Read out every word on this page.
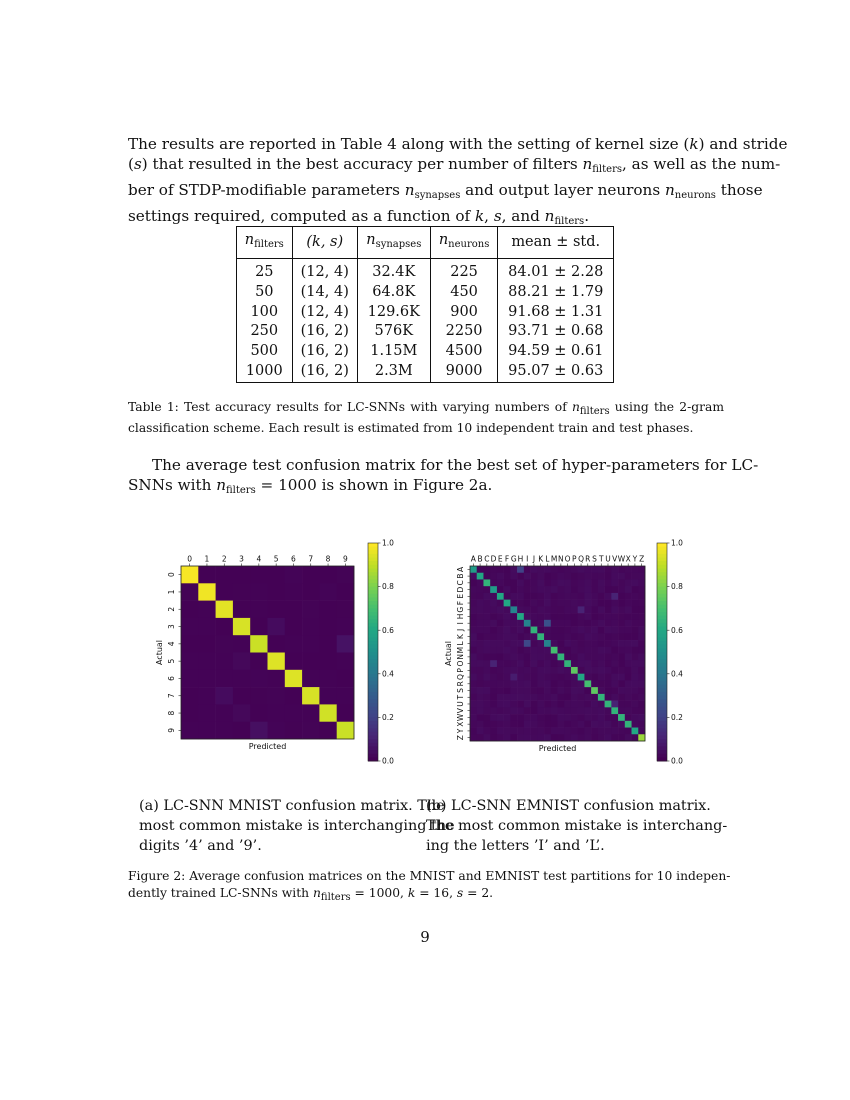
The results are reported in Table 4 along with the setting of kernel size (k) and stride
(s) that resulted in the best accuracy per number of filters $n_{filters}$, as well as the num-
ber of STDP-modifiable parameters $n_{synapses}$ and output layer neurons $n_{neurons}$ those
settings required, computed as a function of k, s, and $n_{filters}$.
$n_{filters}$	(k, s)	$n_{synapses}$	$n_{neurons}$	mean ± std.
25	(12, 4)	32.4K	225	84.01 ± 2.28
50	(14, 4)	64.8K	450	88.21 ± 1.79
100	(12, 4)	129.6K	900	91.68 ± 1.31
250	(16, 2)	576K	2250	93.71 ± 0.68
500	(16, 2)	1.15M	4500	94.59 ± 0.61
1000	(16, 2)	2.3M	9000	95.07 ± 0.63
Table 1: Test accuracy results for LC-SNNs with varying numbers of $n_{filters}$ using the 2-gram
classification scheme. Each result is estimated from 10 independent train and test phases.
The average test confusion matrix for the best set of hyper-parameters for LC-
SNNs with $n_{filters} = 1000$ is shown in Figure 2a.
0 1 2 3 4 5 6 7 8 9
0
1
2
3
4
5
6
7
8
9
Predicted
Actual
0.0
0.2
0.4
0.6
0.8
1.0
A B C D E F G H I J K L M N O P Q R S T U V W X Y Z
A
B
C
D
E
F
G
H
I
J
K
L
M
N
O
P
Q
R
S
T
U
V
W
X
Y
Z
Predicted
Actual
0.0
0.2
0.4
0.6
0.8
1.0
(a) LC-SNN MNIST confusion matrix. The
most common mistake is interchanging the
digits ’4’ and ’9’.
(b) LC-SNN EMNIST confusion matrix.
The most common mistake is interchang-
ing the letters ’I’ and ’L’.
Figure 2: Average confusion matrices on the MNIST and EMNIST test partitions for 10 indepen-
dently trained LC-SNNs with $n_{filters} = 1000$, k = 16, s = 2.
9
